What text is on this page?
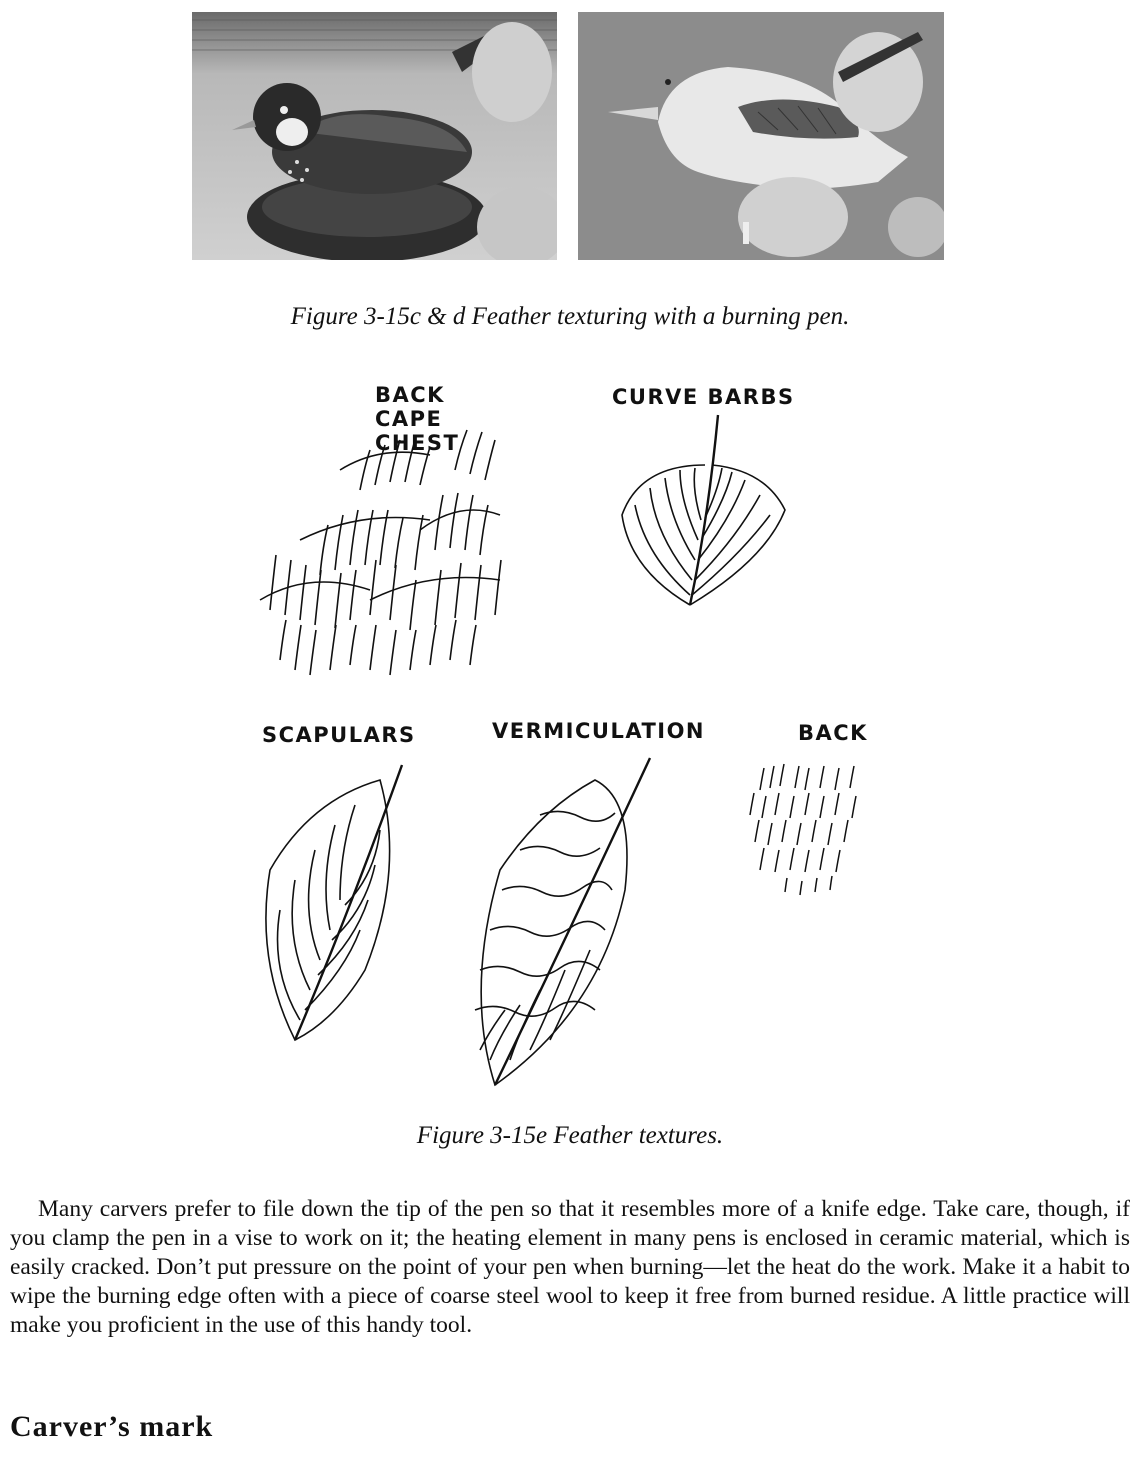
Figure 3-15c & d Feather texturing with a burning pen.
BACK
CAPE
CHEST
CURVE BARBS
SCAPULARS	VERMICULATION	BACK
Figure 3-15e Feather textures.

Many carvers prefer to file down the tip of the pen so that it resembles more of a knife edge. Take care, though, if you clamp the pen in a vise to work on it; the heating element in many pens is enclosed in ceramic material, which is easily cracked. Don’t put pressure on the point of your pen when burning—let the heat do the work. Make it a habit to wipe the burning edge often with a piece of coarse steel wool to keep it free from burned residue. A little practice will make you proficient in the use of this handy tool.

Carver’s mark
